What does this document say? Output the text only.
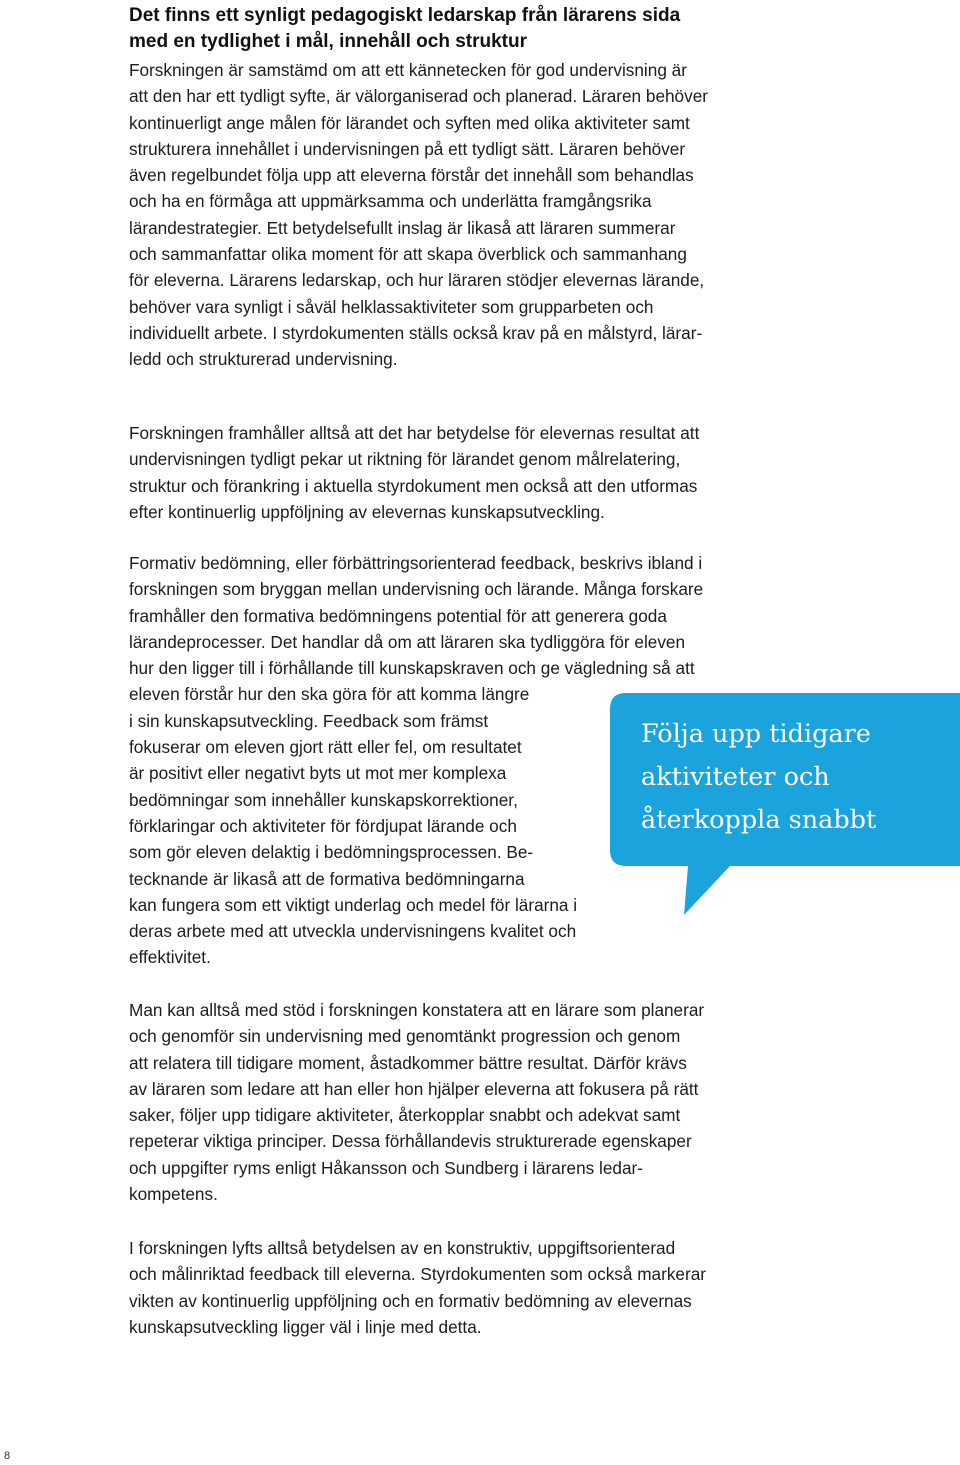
Det finns ett synligt pedagogiskt ledarskap från lärarens sida
med en tydlighet i mål, innehåll och struktur

Forskningen är samstämd om att ett kännetecken för god undervisning är
att den har ett tydligt syfte, är välorganiserad och planerad. Läraren behöver
kontinuerligt ange målen för lärandet och syften med olika aktiviteter samt
strukturera innehållet i undervisningen på ett tydligt sätt. Läraren behöver
även regelbundet följa upp att eleverna förstår det innehåll som behandlas
och ha en förmåga att uppmärksamma och underlätta framgångsrika
lärandestrategier. Ett betydelsefullt inslag är likaså att läraren summerar
och sammanfattar olika moment för att skapa överblick och sammanhang
för eleverna. Lärarens ledarskap, och hur läraren stödjer elevernas lärande,
behöver vara synligt i såväl helklassaktiviteter som grupparbeten och
individuellt arbete. I styrdokumenten ställs också krav på en målstyrd, lärar-
ledd och strukturerad undervisning.

Forskningen framhåller alltså att det har betydelse för elevernas resultat att
undervisningen tydligt pekar ut riktning för lärandet genom målrelatering,
struktur och förankring i aktuella styrdokument men också att den utformas
efter kontinuerlig uppföljning av elevernas kunskapsutveckling.

Formativ bedömning, eller förbättringsorienterad feedback, beskrivs ibland i
forskningen som bryggan mellan undervisning och lärande. Många forskare
framhåller den formativa bedömningens potential för att generera goda
lärandeprocesser. Det handlar då om att läraren ska tydliggöra för eleven
hur den ligger till i förhållande till kunskapskraven och ge vägledning så att
eleven förstår hur den ska göra för att komma längre
i sin kunskapsutveckling. Feedback som främst
fokuserar om eleven gjort rätt eller fel, om resultatet
är positivt eller negativt byts ut mot mer komplexa
bedömningar som innehåller kunskapskorrektioner,
förklaringar och aktiviteter för fördjupat lärande och
som gör eleven delaktig i bedömningsprocessen. Be-
tecknande är likaså att de formativa bedömningarna
kan fungera som ett viktigt underlag och medel för lärarna i
deras arbete med att utveckla undervisningens kvalitet och
effektivitet.

Följa upp tidigare
aktiviteter och
återkoppla snabbt

Man kan alltså med stöd i forskningen konstatera att en lärare som planerar
och genomför sin undervisning med genomtänkt progression och genom
att relatera till tidigare moment, åstadkommer bättre resultat. Därför krävs
av läraren som ledare att han eller hon hjälper eleverna att fokusera på rätt
saker, följer upp tidigare aktiviteter, återkopplar snabbt och adekvat samt
repeterar viktiga principer. Dessa förhållandevis strukturerade egenskaper
och uppgifter ryms enligt Håkansson och Sundberg i lärarens ledar-
kompetens.

I forskningen lyfts alltså betydelsen av en konstruktiv, uppgiftsorienterad
och målinriktad feedback till eleverna. Styrdokumenten som också markerar
vikten av kontinuerlig uppföljning och en formativ bedömning av elevernas
kunskapsutveckling ligger väl i linje med detta.

8
